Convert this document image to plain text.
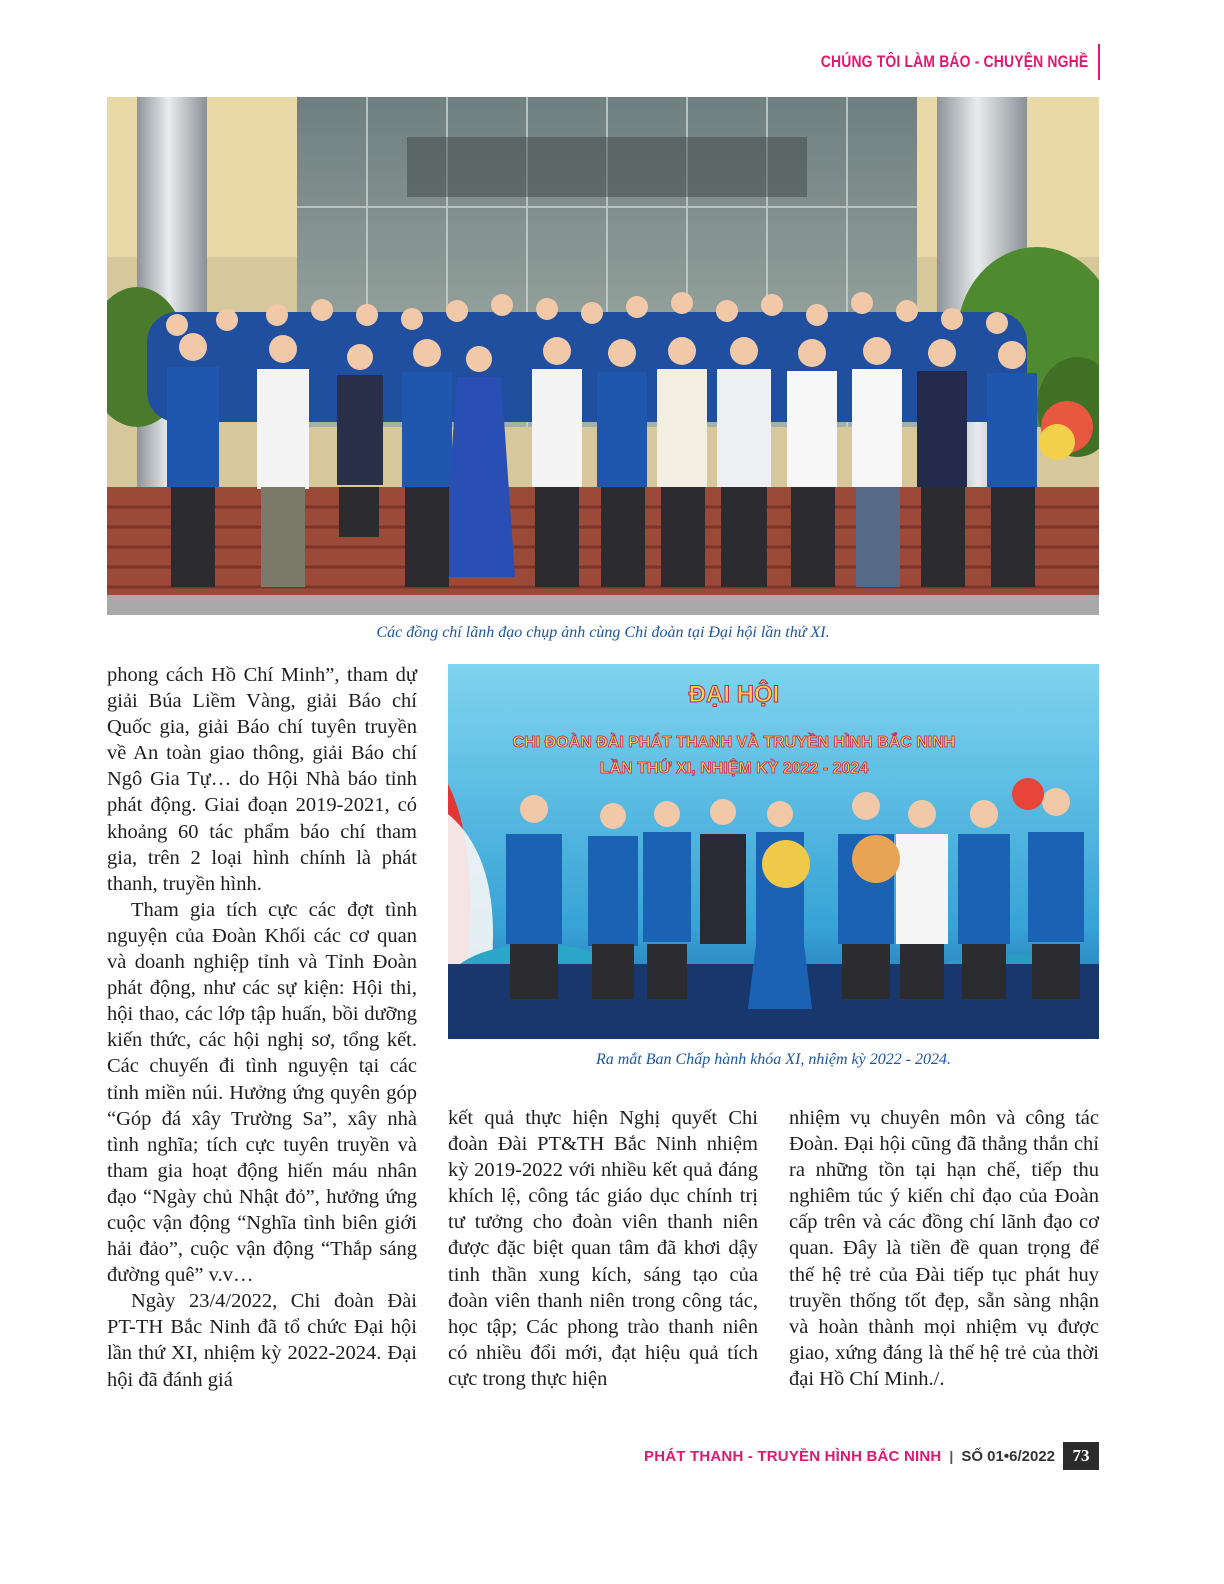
CHÚNG TÔI LÀM BÁO - CHUYỆN NGHỀ
Các đồng chí lãnh đạo chụp ảnh cùng Chi đoàn tại Đại hội lần thứ XI.
ĐẠI HỘI
CHI ĐOÀN ĐÀI PHÁT THANH VÀ TRUYỀN HÌNH BẮC NINH
LẦN THỨ XI, NHIỆM KỲ 2022 - 2024
Ra mắt Ban Chấp hành khóa XI, nhiệm kỳ 2022 - 2024.

phong cách Hồ Chí Minh”, tham dự giải Búa Liềm Vàng, giải Báo chí Quốc gia, giải Báo chí tuyên truyền về An toàn giao thông, giải Báo chí Ngô Gia Tự… do Hội Nhà báo tỉnh phát động. Giai đoạn 2019-2021, có khoảng 60 tác phẩm báo chí tham gia, trên 2 loại hình chính là phát thanh, truyền hình.

Tham gia tích cực các đợt tình nguyện của Đoàn Khối các cơ quan và doanh nghiệp tỉnh và Tỉnh Đoàn phát động, như các sự kiện: Hội thi, hội thao, các lớp tập huấn, bồi dưỡng kiến thức, các hội nghị sơ, tổng kết. Các chuyến đi tình nguyện tại các tỉnh miền núi. Hưởng ứng quyên góp “Góp đá xây Trường Sa”, xây nhà tình nghĩa; tích cực tuyên truyền và tham gia hoạt động hiến máu nhân đạo “Ngày chủ Nhật đỏ”, hưởng ứng cuộc vận động “Nghĩa tình biên giới hải đảo”, cuộc vận động “Thắp sáng đường quê” v.v…

Ngày 23/4/2022, Chi đoàn Đài PT-TH Bắc Ninh đã tổ chức Đại hội lần thứ XI, nhiệm kỳ 2022-2024. Đại hội đã đánh giá

kết quả thực hiện Nghị quyết Chi đoàn Đài PT&TH Bắc Ninh nhiệm kỳ 2019-2022 với nhiều kết quả đáng khích lệ, công tác giáo dục chính trị tư tưởng cho đoàn viên thanh niên được đặc biệt quan tâm đã khơi dậy tinh thần xung kích, sáng tạo của đoàn viên thanh niên trong công tác, học tập; Các phong trào thanh niên có nhiều đổi mới, đạt hiệu quả tích cực trong thực hiện

nhiệm vụ chuyên môn và công tác Đoàn. Đại hội cũng đã thẳng thắn chỉ ra những tồn tại hạn chế, tiếp thu nghiêm túc ý kiến chỉ đạo của Đoàn cấp trên và các đồng chí lãnh đạo cơ quan. Đây là tiền đề quan trọng để thế hệ trẻ của Đài tiếp tục phát huy truyền thống tốt đẹp, sẵn sàng nhận và hoàn thành mọi nhiệm vụ được giao, xứng đáng là thế hệ trẻ của thời đại Hồ Chí Minh./.

PHÁT THANH - TRUYỀN HÌNH BẮC NINH | SỐ 01•6/2022	73
